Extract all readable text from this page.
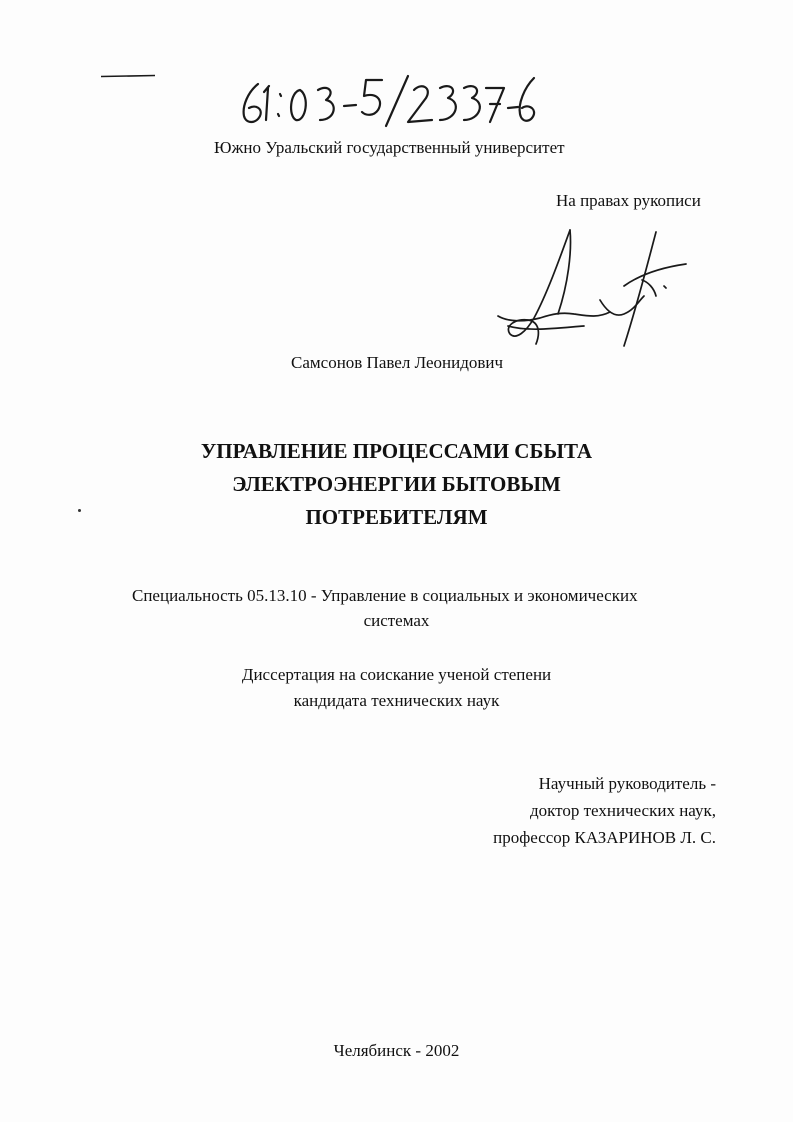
Южно Уральский государственный университет
На правах рукописи
Самсонов Павел Леонидович
УПРАВЛЕНИЕ ПРОЦЕССАМИ СБЫТА
ЭЛЕКТРОЭНЕРГИИ БЫТОВЫМ
ПОТРЕБИТЕЛЯМ
Специальность 05.13.10 - Управление в социальных и экономических
системах
Диссертация на соискание ученой степени
кандидата технических наук
Научный руководитель -
доктор технических наук,
профессор КАЗАРИНОВ Л. С.
Челябинск - 2002
